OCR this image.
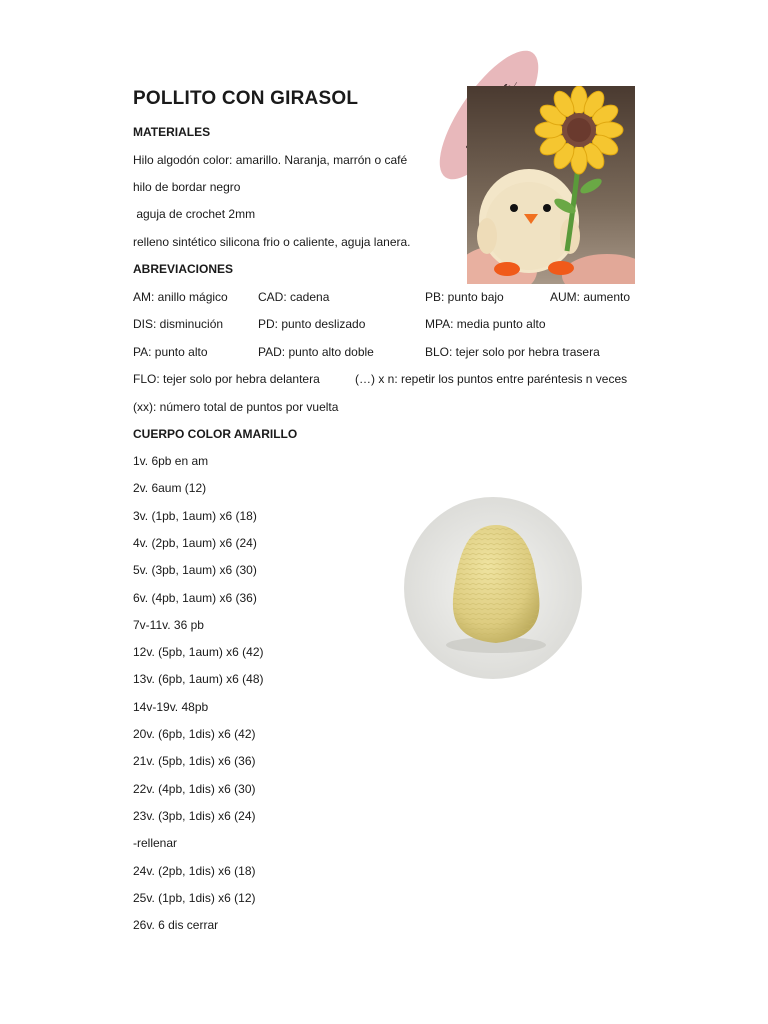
POLLITO CON GIRASOL
MATERIALES
Hilo algodón color: amarillo. Naranja, marrón o café
hilo de bordar negro
aguja de crochet 2mm
relleno sintético silicona frio o caliente, aguja lanera.
ABREVIACIONES
AM: anillo mágico	CAD: cadena	PB: punto bajo	AUM: aumento
DIS: disminución	PD: punto deslizado	MPA: media punto alto
PA: punto alto	PAD: punto alto doble	BLO: tejer solo por hebra trasera
FLO: tejer solo por hebra delantera	(…) x n: repetir los puntos entre paréntesis n veces
(xx): número total de puntos por vuelta
CUERPO COLOR AMARILLO
1v. 6pb en am
2v. 6aum (12)
3v. (1pb, 1aum) x6 (18)
4v. (2pb, 1aum) x6 (24)
5v. (3pb, 1aum) x6 (30)
6v. (4pb, 1aum) x6 (36)
7v-11v. 36 pb
12v. (5pb, 1aum) x6 (42)
13v. (6pb, 1aum) x6 (48)
14v-19v. 48pb
20v. (6pb, 1dis) x6 (42)
21v. (5pb, 1dis) x6 (36)
22v. (4pb, 1dis) x6 (30)
23v. (3pb, 1dis) x6 (24)
-rellenar
24v. (2pb, 1dis) x6 (18)
25v. (1pb, 1dis) x6 (12)
26v. 6 dis cerrar
